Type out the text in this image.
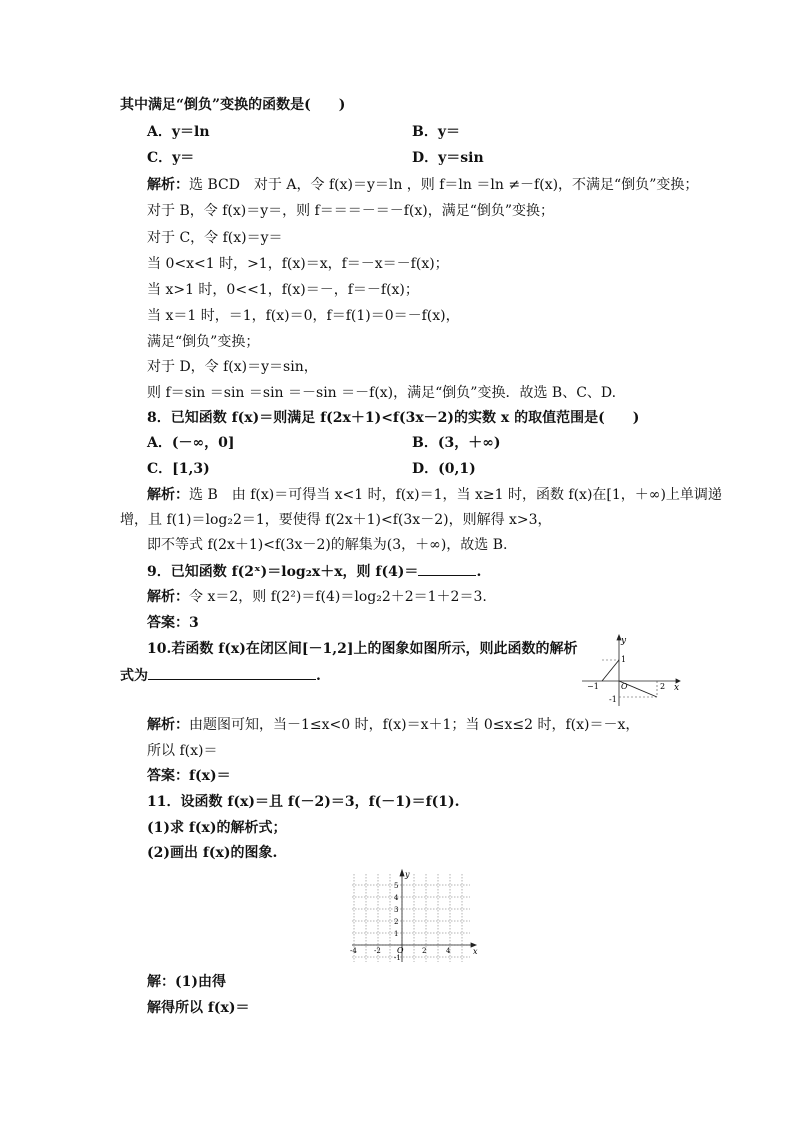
其中满足“倒负”变换的函数是(　　)
A．y＝ln	B．y＝
C．y＝	D．y＝sin
解析：选 BCD　对于 A，令 f(x)＝y＝ln ，则 f＝ln ＝ln ≠－f(x)，不满足“倒负”变换；
对于 B，令 f(x)＝y＝，则 f＝＝＝－＝－f(x)，满足“倒负”变换；
对于 C，令 f(x)＝y＝
当 0<x<1 时，>1，f(x)＝x，f＝－x＝－f(x)；
当 x>1 时，0<<1，f(x)＝－，f＝－f(x)；
当 x＝1 时，＝1，f(x)＝0，f＝f(1)＝0＝－f(x)，
满足“倒负”变换；
对于 D，令 f(x)＝y＝sin，
则 f＝sin ＝sin ＝sin ＝－sin ＝－f(x)，满足“倒负”变换．故选 B、C、D.
8．已知函数 f(x)＝则满足 f(2x＋1)<f(3x－2)的实数 x 的取值范围是(　　)
A．(－∞，0]	B．(3，＋∞)
C．[1,3)	D．(0,1)
解析：选 B　由 f(x)＝可得当 x<1 时，f(x)＝1，当 x≥1 时，函数 f(x)在[1，＋∞)上单调递
增，且 f(1)＝log₂2＝1，要使得 f(2x＋1)<f(3x－2)，则解得 x>3，
即不等式 f(2x＋1)<f(3x－2)的解集为(3，＋∞)，故选 B.
9．已知函数 f(2ˣ)＝log₂x＋x，则 f(4)＝	.
解析：令 x＝2，则 f(2²)＝f(4)＝log₂2＋2＝1＋2＝3.
答案：3
10.若函数 f(x)在闭区间[－1,2]上的图象如图所示，则此函数的解析
式为	.
y
x
1
-1
−1	O	2
解析：由题图可知，当－1≤x<0 时，f(x)＝x＋1；当 0≤x≤2 时，f(x)＝－x，
所以 f(x)＝
答案：f(x)＝
11．设函数 f(x)＝且 f(－2)＝3，f(－1)＝f(1).
(1)求 f(x)的解析式；
(2)画出 f(x)的图象.
y
x
O
5
4
3
2
1
-1
-4 -2	2	4
解：(1)由得
解得所以 f(x)＝
